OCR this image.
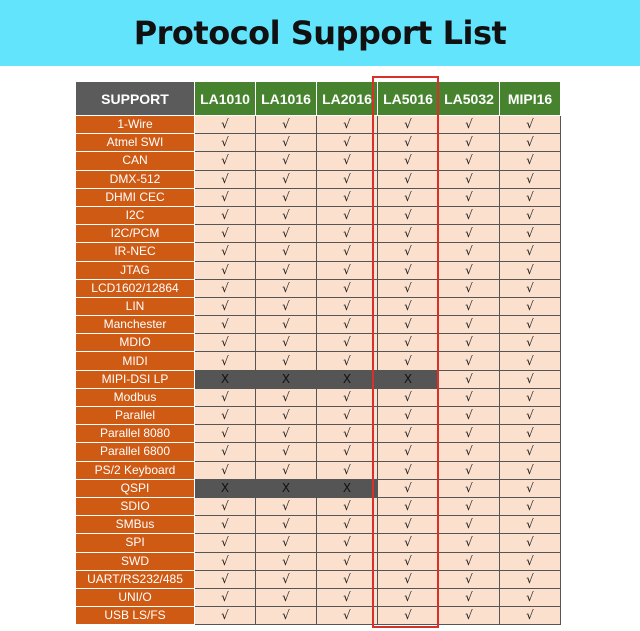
Protocol Support List
SUPPORT	LA1010	LA1016	LA2016	LA5016	LA5032	MIPI16
1-Wire	√	√	√	√	√	√
Atmel SWI	√	√	√	√	√	√
CAN	√	√	√	√	√	√
DMX-512	√	√	√	√	√	√
DHMI CEC	√	√	√	√	√	√
I2C	√	√	√	√	√	√
I2C/PCM	√	√	√	√	√	√
IR-NEC	√	√	√	√	√	√
JTAG	√	√	√	√	√	√
LCD1602/12864	√	√	√	√	√	√
LIN	√	√	√	√	√	√
Manchester	√	√	√	√	√	√
MDIO	√	√	√	√	√	√
MIDI	√	√	√	√	√	√
MIPI-DSI LP	X	X	X	X	√	√
Modbus	√	√	√	√	√	√
Parallel	√	√	√	√	√	√
Parallel 8080	√	√	√	√	√	√
Parallel 6800	√	√	√	√	√	√
PS/2 Keyboard	√	√	√	√	√	√
QSPI	X	X	X	√	√	√
SDIO	√	√	√	√	√	√
SMBus	√	√	√	√	√	√
SPI	√	√	√	√	√	√
SWD	√	√	√	√	√	√
UART/RS232/485	√	√	√	√	√	√
UNI/O	√	√	√	√	√	√
USB LS/FS	√	√	√	√	√	√
